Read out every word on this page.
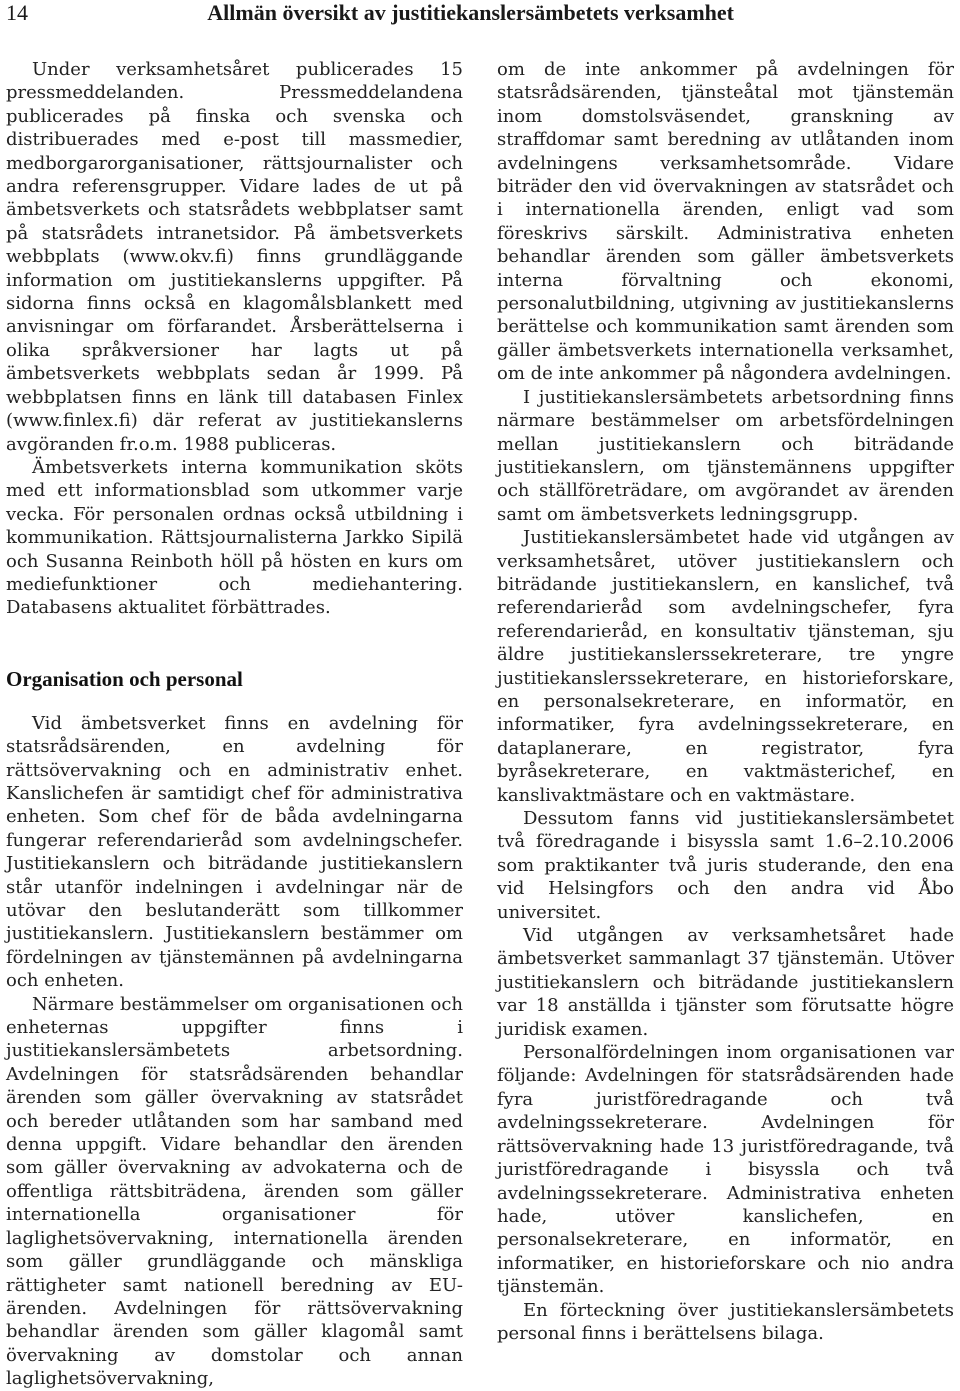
14	Allmän översikt av justitiekanslersämbetets verksamhet

Under verksamhetsåret publicerades 15 pressmeddelanden. Pressmeddelandena publicerades på finska och svenska och distribuerades med e-post till massmedier, medborgarorganisationer, rättsjournalister och andra referensgrupper. Vidare lades de ut på ämbetsverkets och statsrådets webbplatser samt på statsrådets intranetsidor. På ämbetsverkets webbplats (www.okv.fi) finns grundläggande information om justitiekanslerns uppgifter. På sidorna finns också en klagomålsblankett med anvisningar om förfarandet. Årsberättelserna i olika språkversioner har lagts ut på ämbetsverkets webbplats sedan år 1999. På webbplatsen finns en länk till databasen Finlex (www.finlex.fi) där referat av justitiekanslerns avgöranden fr.o.m. 1988 publiceras.

Ämbetsverkets interna kommunikation sköts med ett informationsblad som utkommer varje vecka. För personalen ordnas också utbildning i kommunikation. Rättsjournalisterna Jarkko Sipilä och Susanna Reinboth höll på hösten en kurs om mediefunktioner och mediehantering. Databasens aktualitet förbättrades.

Organisation och personal

Vid ämbetsverket finns en avdelning för statsrådsärenden, en avdelning för rättsövervakning och en administrativ enhet. Kanslichefen är samtidigt chef för administrativa enheten. Som chef för de båda avdelningarna fungerar referendarieråd som avdelningschefer. Justitiekanslern och biträdande justitiekanslern står utanför indelningen i avdelningar när de utövar den beslutanderätt som tillkommer justitiekanslern. Justitiekanslern bestämmer om fördelningen av tjänstemännen på avdelningarna och enheten.

Närmare bestämmelser om organisationen och enheternas uppgifter finns i justitiekanslersämbetets arbetsordning. Avdelningen för statsrådsärenden behandlar ärenden som gäller övervakning av statsrådet och bereder utlåtanden som har samband med denna uppgift. Vidare behandlar den ärenden som gäller övervakning av advokaterna och de offentliga rättsbiträdena, ärenden som gäller internationella organisationer för laglighetsövervakning, internationella ärenden som gäller grundläggande och mänskliga rättigheter samt nationell beredning av EU-ärenden. Avdelningen för rättsövervakning behandlar ärenden som gäller klagomål samt övervakning av domstolar och annan laglighetsövervakning,

om de inte ankommer på avdelningen för statsrådsärenden, tjänsteåtal mot tjänstemän inom domstolsväsendet, granskning av straffdomar samt beredning av utlåtanden inom avdelningens verksamhetsområde. Vidare biträder den vid övervakningen av statsrådet och i internationella ärenden, enligt vad som föreskrivs särskilt. Administrativa enheten behandlar ärenden som gäller ämbetsverkets interna förvaltning och ekonomi, personalutbildning, utgivning av justitiekanslerns berättelse och kommunikation samt ärenden som gäller ämbetsverkets internationella verksamhet, om de inte ankommer på någondera avdelningen.

I justitiekanslersämbetets arbetsordning finns närmare bestämmelser om arbetsfördelningen mellan justitiekanslern och biträdande justitiekanslern, om tjänstemännens uppgifter och ställföreträdare, om avgörandet av ärenden samt om ämbetsverkets ledningsgrupp.

Justitiekanslersämbetet hade vid utgången av verksamhetsåret, utöver justitiekanslern och biträdande justitiekanslern, en kanslichef, två referendarieråd som avdelningschefer, fyra referendarieråd, en konsultativ tjänsteman, sju äldre justitiekanslerssekreterare, tre yngre justitiekanslerssekreterare, en historieforskare, en personalsekreterare, en informatör, en informatiker, fyra avdelningssekreterare, en dataplanerare, en registrator, fyra byråsekreterare, en vaktmästerichef, en kanslivaktmästare och en vaktmästare.

Dessutom fanns vid justitiekanslersämbetet två föredragande i bisyssla samt 1.6–2.10.2006 som praktikanter två juris studerande, den ena vid Helsingfors och den andra vid Åbo universitet.

Vid utgången av verksamhetsåret hade ämbetsverket sammanlagt 37 tjänstemän. Utöver justitiekanslern och biträdande justitiekanslern var 18 anställda i tjänster som förutsatte högre juridisk examen.

Personalfördelningen inom organisationen var följande: Avdelningen för statsrådsärenden hade fyra juristföredragande och två avdelningssekreterare. Avdelningen för rättsövervakning hade 13 juristföredragande, två juristföredragande i bisyssla och två avdelningssekreterare. Administrativa enheten hade, utöver kanslichefen, en personalsekreterare, en informatör, en informatiker, en historieforskare och nio andra tjänstemän.

En förteckning över justitiekanslersämbetets personal finns i berättelsens bilaga.
